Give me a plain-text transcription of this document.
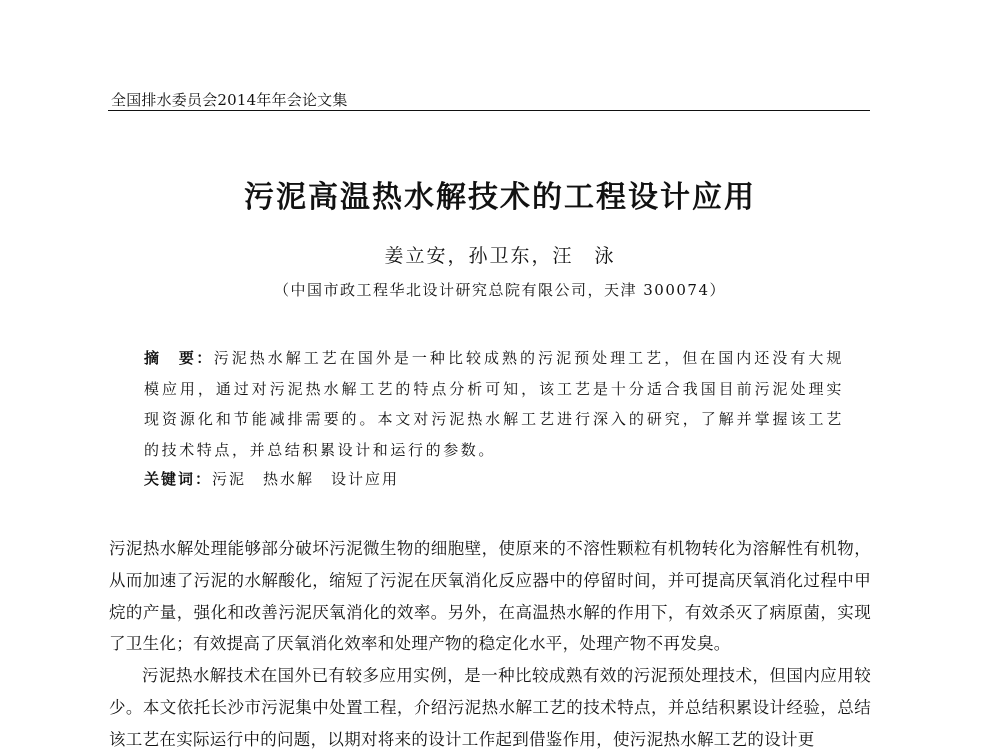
全国排水委员会2014年年会论文集
污泥高温热水解技术的工程设计应用
姜立安，孙卫东，汪　泳
（中国市政工程华北设计研究总院有限公司，天津 300074）
摘　要：污泥热水解工艺在国外是一种比较成熟的污泥预处理工艺，但在国内还没有大规模应用，通过对污泥热水解工艺的特点分析可知，该工艺是十分适合我国目前污泥处理实现资源化和节能减排需要的。本文对污泥热水解工艺进行深入的研究，了解并掌握该工艺的技术特点，并总结积累设计和运行的参数。
关键词：污泥　热水解　设计应用

污泥热水解处理能够部分破坏污泥微生物的细胞壁，使原来的不溶性颗粒有机物转化为溶解性有机物，从而加速了污泥的水解酸化，缩短了污泥在厌氧消化反应器中的停留时间，并可提高厌氧消化过程中甲烷的产量，强化和改善污泥厌氧消化的效率。另外，在高温热水解的作用下，有效杀灭了病原菌，实现了卫生化；有效提高了厌氧消化效率和处理产物的稳定化水平，处理产物不再发臭。

污泥热水解技术在国外已有较多应用实例，是一种比较成熟有效的污泥预处理技术，但国内应用较少。本文依托长沙市污泥集中处置工程，介绍污泥热水解工艺的技术特点，并总结积累设计经验，总结该工艺在实际运行中的问题，以期对将来的设计工作起到借鉴作用，使污泥热水解工艺的设计更
